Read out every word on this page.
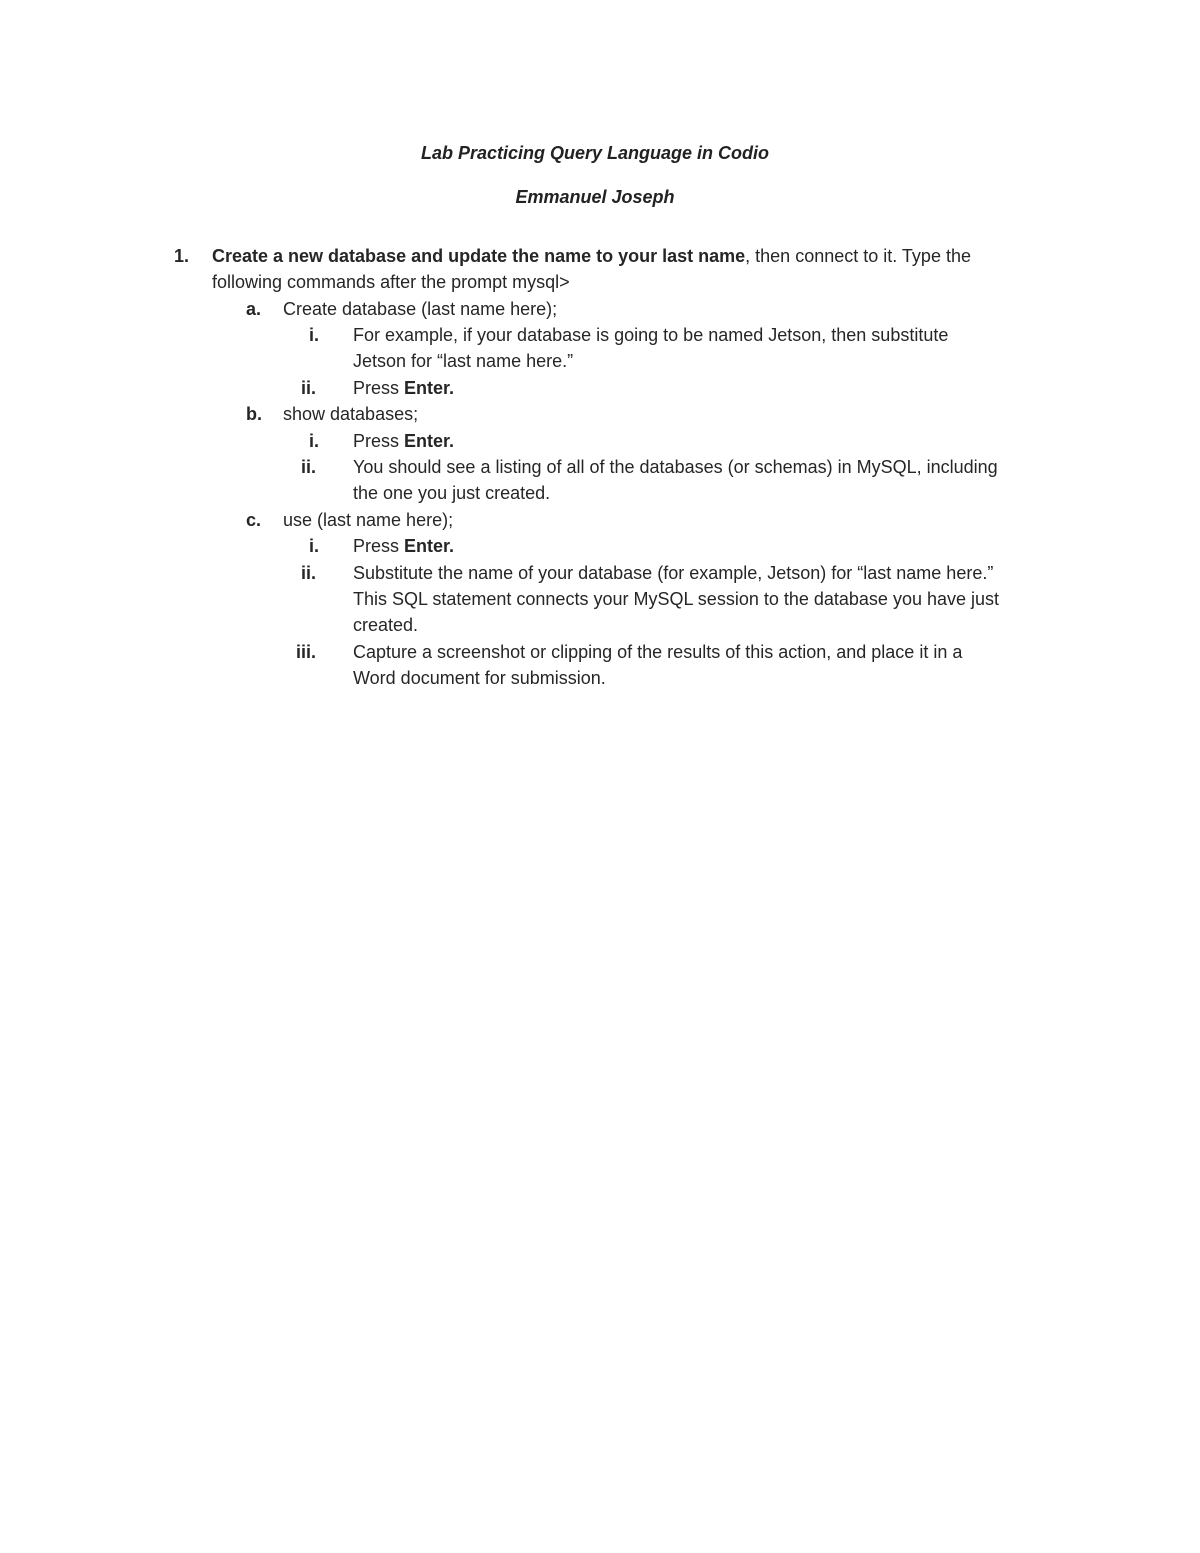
Lab Practicing Query Language in Codio
Emmanuel Joseph
1. Create a new database and update the name to your last name, then connect to it. Type the
following commands after the prompt mysql>
a. Create database (last name here);
i. For example, if your database is going to be named Jetson, then substitute
Jetson for “last name here.”
ii. Press Enter.
b. show databases;
i. Press Enter.
ii. You should see a listing of all of the databases (or schemas) in MySQL, including
the one you just created.
c. use (last name here);
i. Press Enter.
ii. Substitute the name of your database (for example, Jetson) for “last name here.”
This SQL statement connects your MySQL session to the database you have just
created.
iii. Capture a screenshot or clipping of the results of this action, and place it in a
Word document for submission.
